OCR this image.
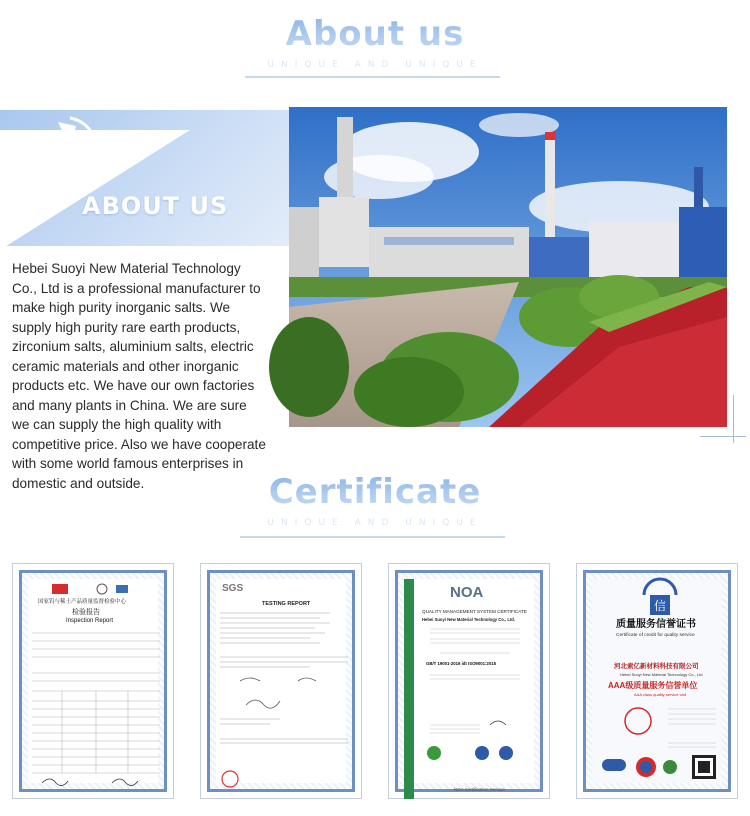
About us
UNIQUE AND UNIQUE
ABOUT US

Hebei Suoyi New Material Technology Co., Ltd is a professional manufacturer to make high purity inorganic salts. We supply high purity rare earth products, zirconium salts, aluminium salts, electric ceramic materials and other inorganic products etc. We have our own factories and many plants in China. We are sure we can supply the high quality with competitive price. Also we have cooperate with some world famous enterprises in

Certificate
UNIQUE AND UNIQUE
国家钨与稀土产品质量监督检验中心
检验报告
Inspection Report
SGS
TESTING REPORT
NOA
QUALITY MANAGEMENT SYSTEM CERTIFICATE
Hebei Suoyi New Material Technology Co., Ltd.
GB/T 19001-2016 idt ISO9001:2015
NOA Certification Service
信
质量服务信誉证书
Certificate of credit for quality service
河北索亿新材料科技有限公司
Hebei Suoyi New Material Technology Co., Ltd
AAA级质量服务信誉单位
AAA class quality service unit
